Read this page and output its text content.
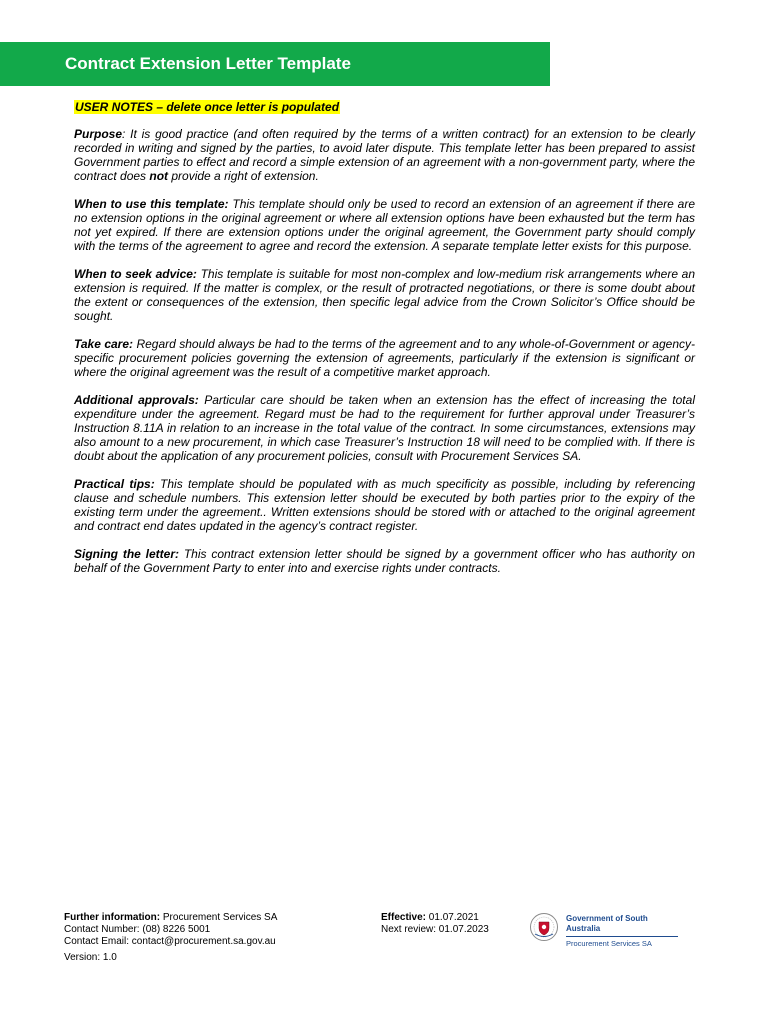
Contract Extension Letter Template
USER NOTES – delete once letter is populated

Purpose: It is good practice (and often required by the terms of a written contract) for an extension to be clearly recorded in writing and signed by the parties, to avoid later dispute. This template letter has been prepared to assist Government parties to effect and record a simple extension of an agreement with a non-government party, where the contract does not provide a right of extension.

When to use this template: This template should only be used to record an extension of an agreement if there are no extension options in the original agreement or where all extension options have been exhausted but the term has not yet expired. If there are extension options under the original agreement, the Government party should comply with the terms of the agreement to agree and record the extension. A separate template letter exists for this purpose.

When to seek advice: This template is suitable for most non-complex and low-medium risk arrangements where an extension is required. If the matter is complex, or the result of protracted negotiations, or there is some doubt about the extent or consequences of the extension, then specific legal advice from the Crown Solicitor’s Office should be sought.

Take care: Regard should always be had to the terms of the agreement and to any whole-of-Government or agency-specific procurement policies governing the extension of agreements, particularly if the extension is significant or where the original agreement was the result of a competitive market approach.

Additional approvals: Particular care should be taken when an extension has the effect of increasing the total expenditure under the agreement. Regard must be had to the requirement for further approval under Treasurer’s Instruction 8.11A in relation to an increase in the total value of the contract. In some circumstances, extensions may also amount to a new procurement, in which case Treasurer’s Instruction 18 will need to be complied with. If there is doubt about the application of any procurement policies, consult with Procurement Services SA.

Practical tips: This template should be populated with as much specificity as possible, including by referencing clause and schedule numbers. This extension letter should be executed by both parties prior to the expiry of the existing term under the agreement.. Written extensions should be stored with or attached to the original agreement and contract end dates updated in the agency’s contract register.

Signing the letter: This contract extension letter should be signed by a government officer who has authority on behalf of the Government Party to enter into and exercise rights under contracts.

Further information: Procurement Services SA
Contact Number: (08) 8226 5001
Contact Email: contact@procurement.sa.gov.au
Version: 1.0
Effective: 01.07.2021
Next review: 01.07.2023
Government of South Australia
Procurement Services SA
